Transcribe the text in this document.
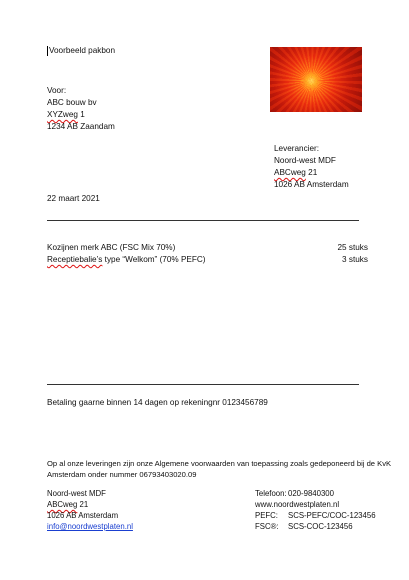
Voorbeeld pakbon
Voor:
ABC bouw bv
XYZweg 1
1234 AB Zaandam
Leverancier:
Noord-west MDF
ABCweg 21
1026 AB Amsterdam
22 maart 2021
Kozijnen merk ABC (FSC Mix 70%)	25 stuks
Receptiebalie’s type “Welkom” (70% PEFC)	3 stuks
Betaling gaarne binnen 14 dagen op rekeningnr 0123456789
Op al onze leveringen zijn onze Algemene voorwaarden van toepassing zoals gedeponeerd bij de KvK
Amsterdam onder nummer 06793403020.09
Noord-west MDF
ABCweg 21
1026 AB Amsterdam
info@noordwestplaten.nl
Telefoon:020-9840300
www.noordwestplaten.nl
PEFC: SCS-PEFC/COC-123456
FSC®: SCS-COC-123456
